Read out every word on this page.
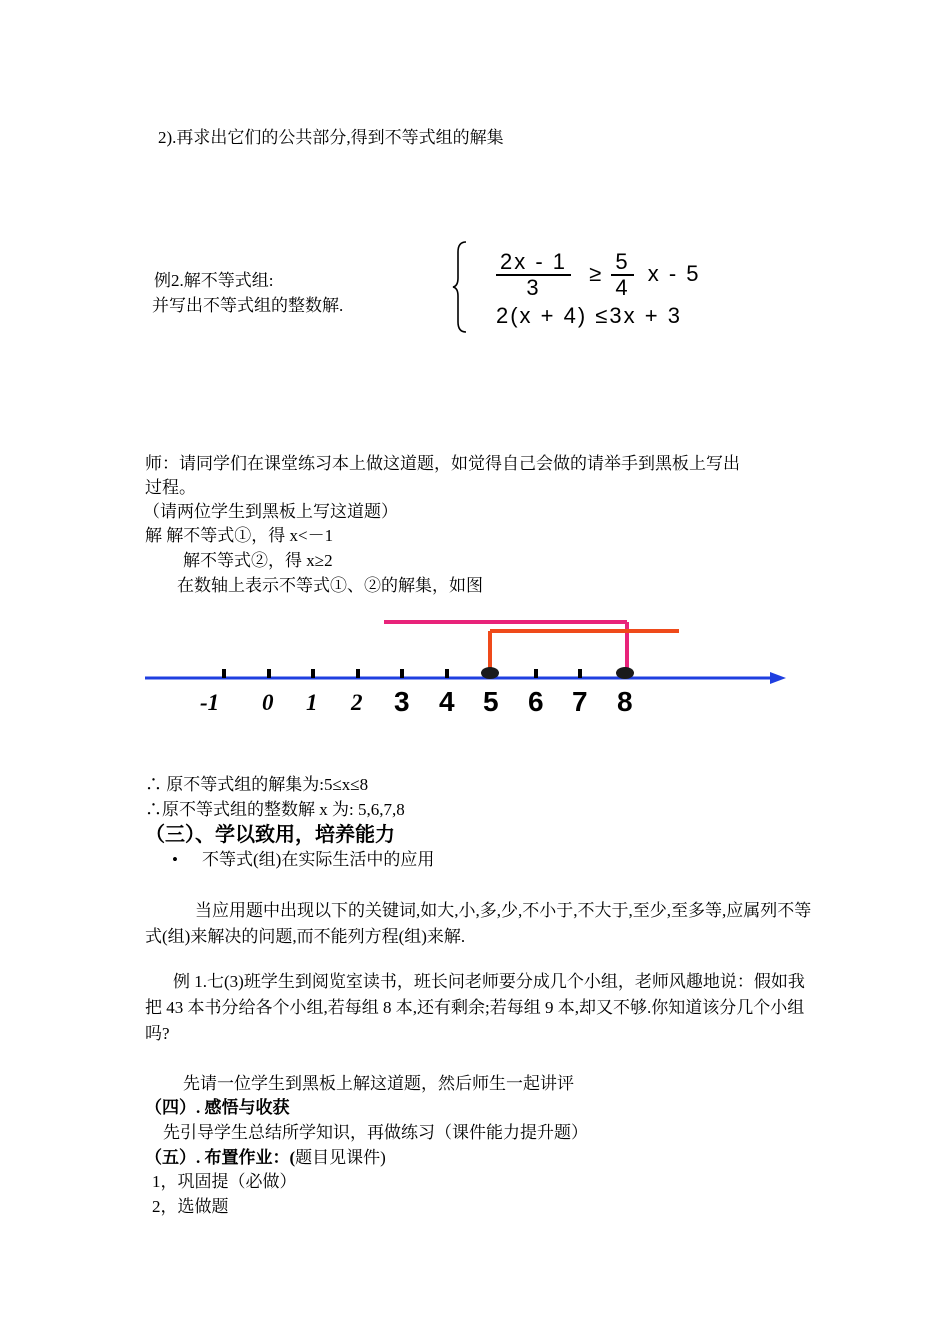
2).再求出它们的公共部分,得到不等式组的解集
例2.解不等式组:
并写出不等式组的整数解.
$\frac{2x - 1}{3} \ge \frac{5}{4}$ x - 5
2(x + 4) ≤3x + 3
师：请同学们在课堂练习本上做这道题，如觉得自己会做的请举手到黑板上写出
过程。
（请两位学生到黑板上写这道题）
解 解不等式①，得 x<－1
解不等式②，得 x≥2
在数轴上表示不等式①、②的解集，如图
-1 0 1 2 3 4 5 6 7 8
∴ 原不等式组的解集为:5≤x≤8
∴原不等式组的整数解 x 为: 5,6,7,8
（三）、学以致用，培养能力
• 不等式(组)在实际生活中的应用
当应用题中出现以下的关键词,如大,小,多,少,不小于,不大于,至少,至多等,应属列不等式(组)来解决的问题,而不能列方程(组)来解.
例 1.七(3)班学生到阅览室读书，班长问老师要分成几个小组，老师风趣地说：假如我把 43 本书分给各个小组,若每组 8 本,还有剩余;若每组 9 本,却又不够.你知道该分几个小组吗?
先请一位学生到黑板上解这道题，然后师生一起讲评
（四）. 感悟与收获
先引导学生总结所学知识，再做练习（课件能力提升题）
（五）. 布置作业：(题目见课件)
1，巩固提（必做）
2，选做题
